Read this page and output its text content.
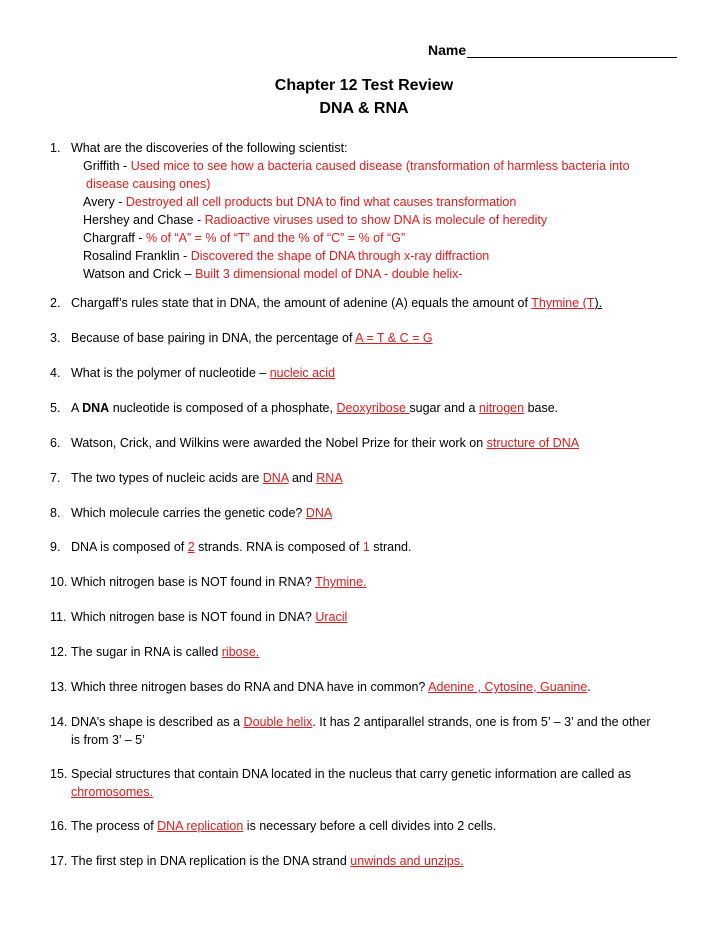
Name
Chapter 12 Test Review
DNA & RNA
1. What are the discoveries of the following scientist:
Griffith - Used mice to see how a bacteria caused disease (transformation of harmless bacteria into
disease causing ones)
Avery - Destroyed all cell products but DNA to find what causes transformation
Hershey and Chase - Radioactive viruses used to show DNA is molecule of heredity
Chargraff - % of “A” = % of “T” and the % of “C” = % of “G”
Rosalind Franklin - Discovered the shape of DNA through x-ray diffraction
Watson and Crick – Built 3 dimensional model of DNA - double helix-
2. Chargaff’s rules state that in DNA, the amount of adenine (A) equals the amount of Thymine (T).
3. Because of base pairing in DNA, the percentage of A = T & C = G
4. What is the polymer of nucleotide – nucleic acid
5. A DNA nucleotide is composed of a phosphate, Deoxyribose sugar and a nitrogen base.
6. Watson, Crick, and Wilkins were awarded the Nobel Prize for their work on structure of DNA
7. The two types of nucleic acids are DNA and RNA
8. Which molecule carries the genetic code? DNA
9. DNA is composed of 2 strands. RNA is composed of 1 strand.
10. Which nitrogen base is NOT found in RNA? Thymine.
11. Which nitrogen base is NOT found in DNA? Uracil
12. The sugar in RNA is called ribose.
13. Which three nitrogen bases do RNA and DNA have in common? Adenine , Cytosine, Guanine.
14. DNA’s shape is described as a Double helix. It has 2 antiparallel strands, one is from 5’ – 3’ and the other
is from 3’ – 5’
15. Special structures that contain DNA located in the nucleus that carry genetic information are called as
chromosomes.
16. The process of DNA replication is necessary before a cell divides into 2 cells.
17. The first step in DNA replication is the DNA strand unwinds and unzips.
